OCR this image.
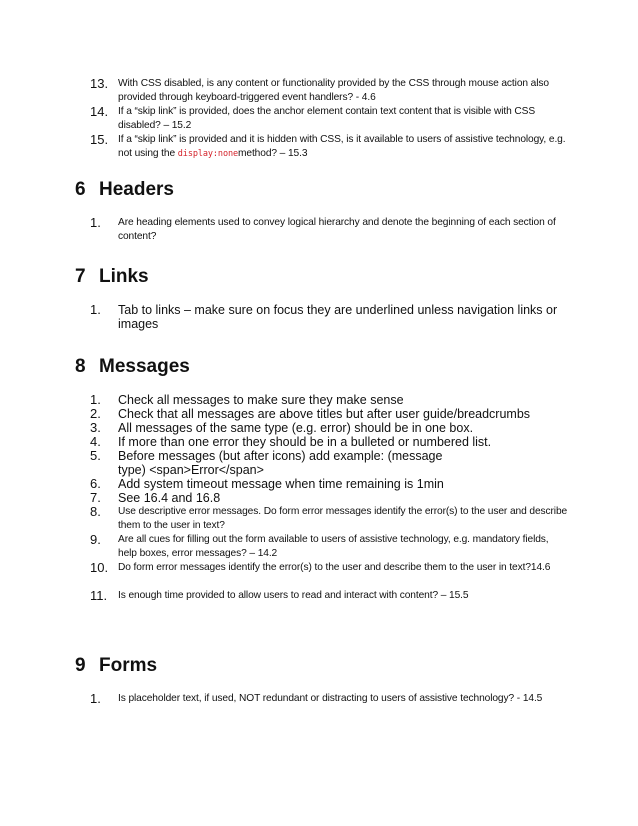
13. With CSS disabled, is any content or functionality provided by the CSS through mouse action also provided through keyboard-triggered event handlers? - 4.6
14. If a “skip link” is provided, does the anchor element contain text content that is visible with CSS disabled? – 15.2
15. If a “skip link” is provided and it is hidden with CSS, is it available to users of assistive technology, e.g. not using the display:nonemethod? – 15.3
6 Headers
1. Are heading elements used to convey logical hierarchy and denote the beginning of each section of content?
7 Links
1. Tab to links – make sure on focus they are underlined unless navigation links or images
8 Messages
1. Check all messages to make sure they make sense
2. Check that all messages are above titles but after user guide/breadcrumbs
3. All messages of the same type (e.g. error) should be in one box.
4. If more than one error they should be in a bulleted or numbered list.
5. Before messages (but after icons) add example: (message type) <span>Error</span>
6. Add system timeout message when time remaining is 1min
7. See 16.4 and 16.8
8. Use descriptive error messages. Do form error messages identify the error(s) to the user and describe them to the user in text?
9. Are all cues for filling out the form available to users of assistive technology, e.g. mandatory fields, help boxes, error messages? – 14.2
10. Do form error messages identify the error(s) to the user and describe them to the user in text?14.6
11. Is enough time provided to allow users to read and interact with content? – 15.5
9 Forms
1. Is placeholder text, if used, NOT redundant or distracting to users of assistive technology? - 14.5
